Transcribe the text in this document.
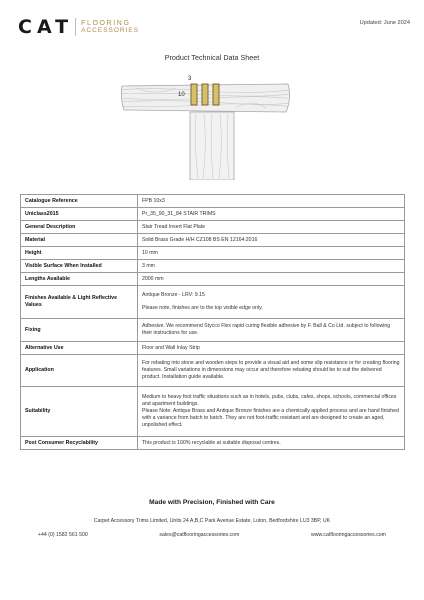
CAT FLOORING
ACCESSORIES
Updated: June 2024
Product Technical Data Sheet
3
10
Catalogue Reference	FPB 10x3
Uniclass2015	Pr_35_90_31_84 STAIR TRIMS
General Description	Stair Tread Insert Flat Plate
Material	Solid Brass Grade H/H CZ108 BS EN 12164:2016
Height	10 mm
Visible Surface When Installed	3 mm
Lengths Available	2000 mm
Finishes Available & Light Reflective Values	Antique Bronze - LRV: 9.15
Please note, finishes are to the top visible edge only.

Fixing	Adhesive. We recommend Stycco Flex rapid curing flexible adhesive by F. Ball & Co Ltd. subject to following their instructions for use.
Alternative Use	Floor and Wall Inlay Strip
Application	For rebating into stone and wooden steps to provide a visual aid and some slip resistance or for creating flooring features. Small variations in dimensions may occur and therefore rebating should be to suit the delivered product. Installation guide available.
Suitability	Medium to heavy foot traffic situations such as in hotels, pubs, clubs, cafes, shops, schools, commercial offices and apartment buildings.
Please Note: Antique Brass and Antique Bronze finishes are a chemically applied process and are hand finished with a variance from batch to batch. They are not foot-traffic resistant and are designed to create an aged, unpolished effect.

Post Consumer Recyclability	This product is 100% recyclable at suitable disposal centres.
Made with Precision, Finished with Care
Carpet Accessory Trims Limited, Units 24 A,B,C Park Avenue Estate, Luton, Bedfordshire LU3 3BP, UK
+44 (0) 1582 561 500	sales@catflooringaccessories.com	www.catflooringaccessories.com
